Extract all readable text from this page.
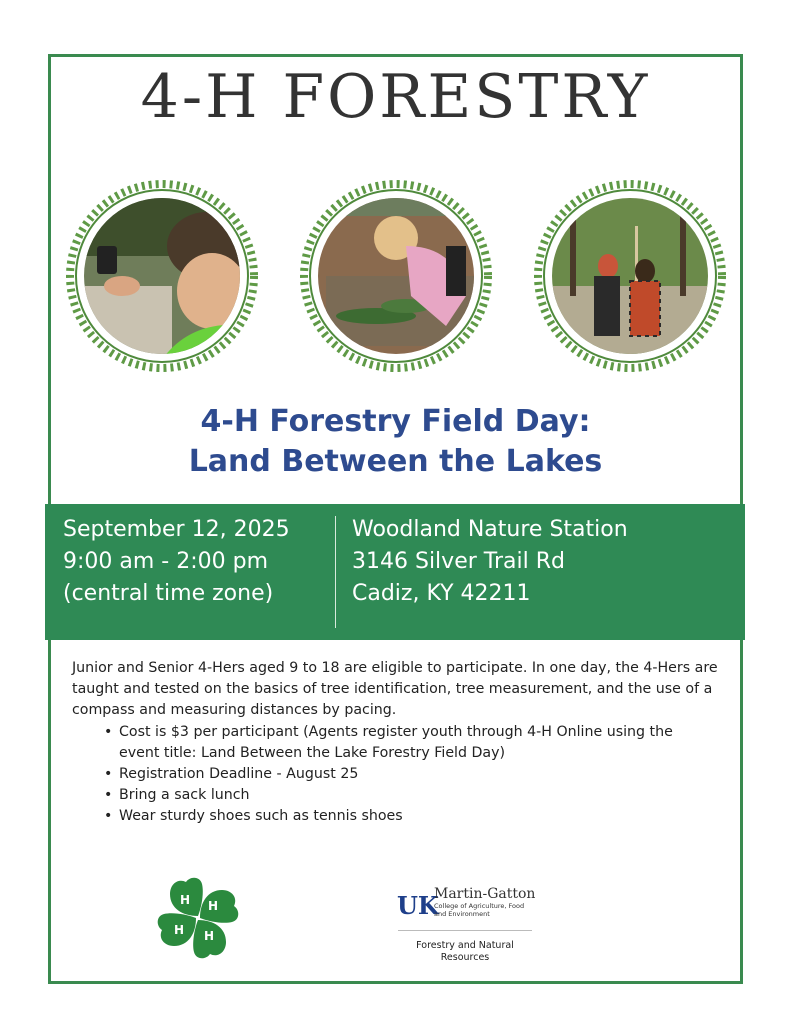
4-H FORESTRY
4-H Forestry Field Day:
Land Between the Lakes
September 12, 2025
9:00 am - 2:00 pm
(central time zone)
Woodland Nature Station
3146 Silver Trail Rd
Cadiz, KY 42211
Junior and Senior 4-Hers aged 9 to 18 are eligible to participate. In one day, the 4-Hers are taught and tested on the basics of tree identification, tree measurement, and the use of a compass and measuring distances by pacing.
• Cost is $3 per participant (Agents register youth through 4-H Online using the event title: Land Between the Lake Forestry Field Day)
• Registration Deadline - August 25
• Bring a sack lunch
• Wear sturdy shoes such as tennis shoes
H H
H
H
UK
Martin-Gatton
College of Agriculture, Food and Environment
Forestry and Natural Resources
